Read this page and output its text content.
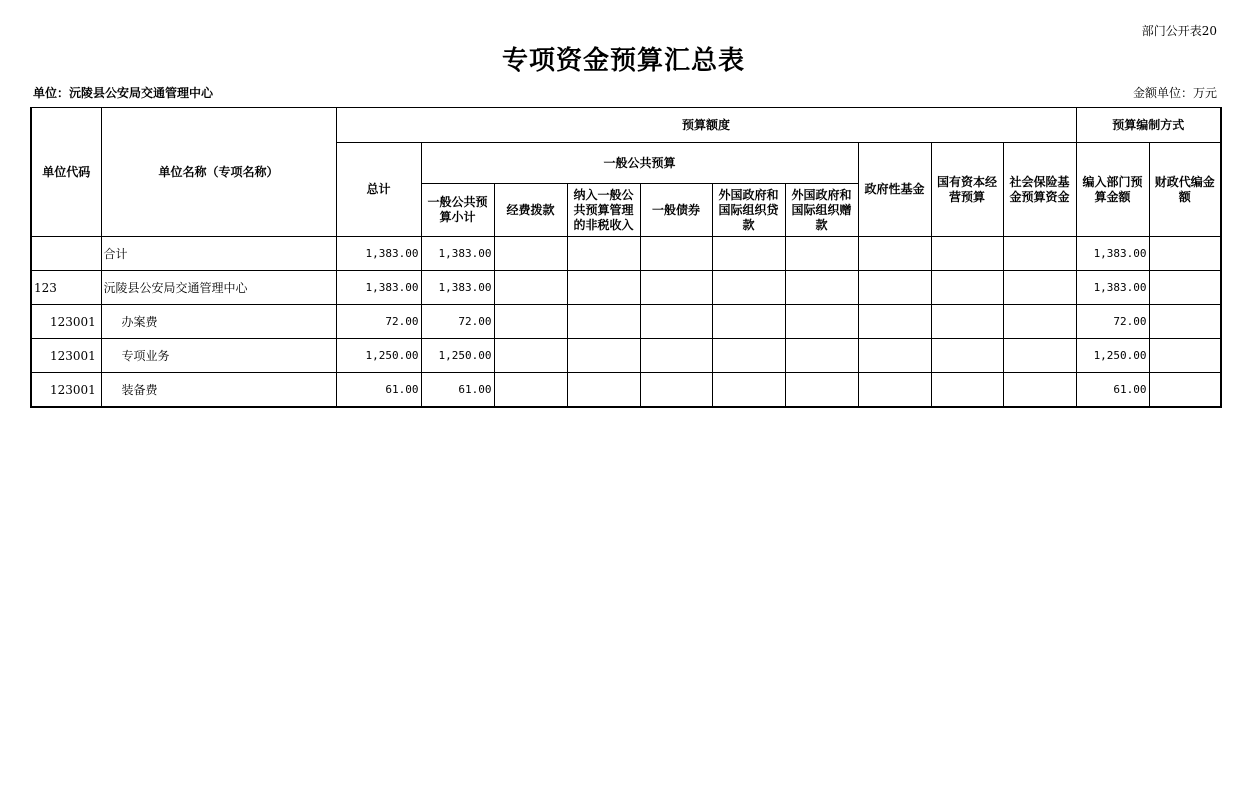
部门公开表20
专项资金预算汇总表
单位：沅陵县公安局交通管理中心	金额单位：万元
单位代码	单位名称（专项名称）	预算额度										预算编制方式	
		总计	一般公共预算						政府性基金	国有资本经营预算	社会保险基金预算资金	编入部门预算金额	财政代编金额
			一般公共预算小计	经费拨款	纳入一般公共预算管理的非税收入	一般债券	外国政府和国际组织贷款	外国政府和国际组织赠款					
	合计	1,383.00	1,383.00									1,383.00	
123	沅陵县公安局交通管理中心	1,383.00	1,383.00									1,383.00	
123001	办案费	72.00	72.00									72.00	
123001	专项业务	1,250.00	1,250.00									1,250.00	
123001	装备费	61.00	61.00									61.00	
